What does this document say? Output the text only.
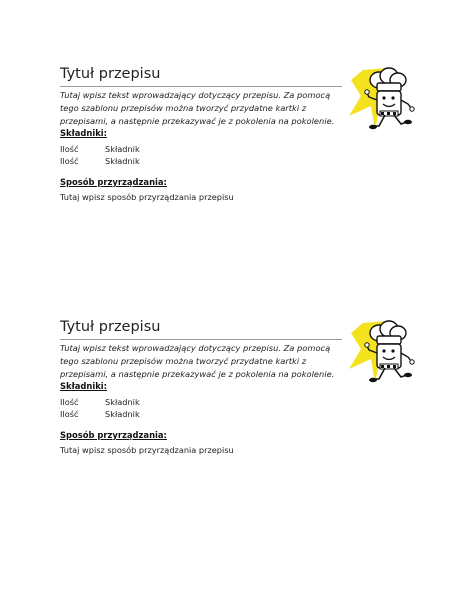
Tytuł przepisu

Tutaj wpisz tekst wprowadzający dotyczący przepisu. Za pomocą tego szablonu przepisów można tworzyć przydatne kartki z przepisami, a następnie przekazywać je z pokolenia na pokolenie.

Składniki:

Ilość	Składnik
Ilość	Składnik

Sposób przyrządzania:

Tutaj wpisz sposób przyrządzania przepisu

Tytuł przepisu

Tutaj wpisz tekst wprowadzający dotyczący przepisu. Za pomocą tego szablonu przepisów można tworzyć przydatne kartki z przepisami, a następnie przekazywać je z pokolenia na pokolenie.

Składniki:

Ilość	Składnik
Ilość	Składnik

Sposób przyrządzania:

Tutaj wpisz sposób przyrządzania przepisu
